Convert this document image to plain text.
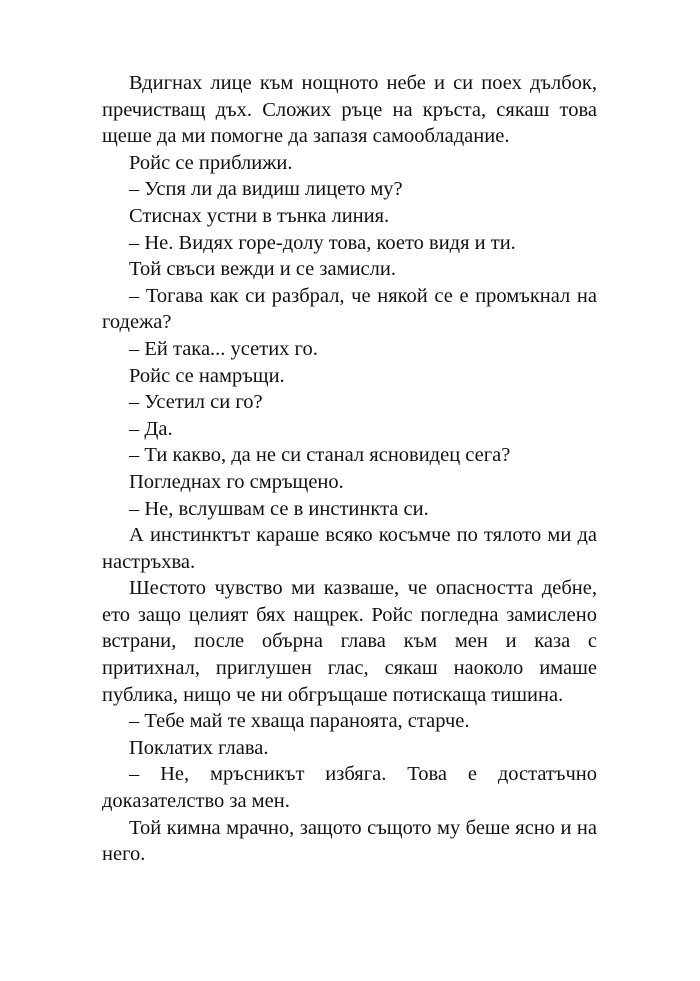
Вдигнах лице към нощното небе и си поех дълбок, пречистващ дъх. Сложих ръце на кръста, сякаш това щеше да ми помогне да запазя самообладание.

Ройс се приближи.

– Успя ли да видиш лицето му?

Стиснах устни в тънка линия.

– Не. Видях горе-долу това, което видя и ти.

Той свъси вежди и се замисли.

– Тогава как си разбрал, че някой се е промъкнал на годежа?

– Ей така... усетих го.

Ройс се намръщи.

– Усетил си го?

– Да.

– Ти какво, да не си станал ясновидец сега?

Погледнах го смръщено.

– Не, вслушвам се в инстинкта си.

А инстинктът караше всяко косъмче по тялото ми да настръхва.

Шестото чувство ми казваше, че опасността дебне, ето защо целият бях нащрек. Ройс погледна замислено встрани, после обърна глава към мен и каза с притихнал, приглушен глас, сякаш наоколо имаше публика, нищо че ни обгръщаше потискаща тишина.

– Тебе май те хваща параноята, старче.

Поклатих глава.

– Не, мръсникът избяга. Това е достатъчно доказателство за мен.

Той кимна мрачно, защото същото му беше ясно и на него.
